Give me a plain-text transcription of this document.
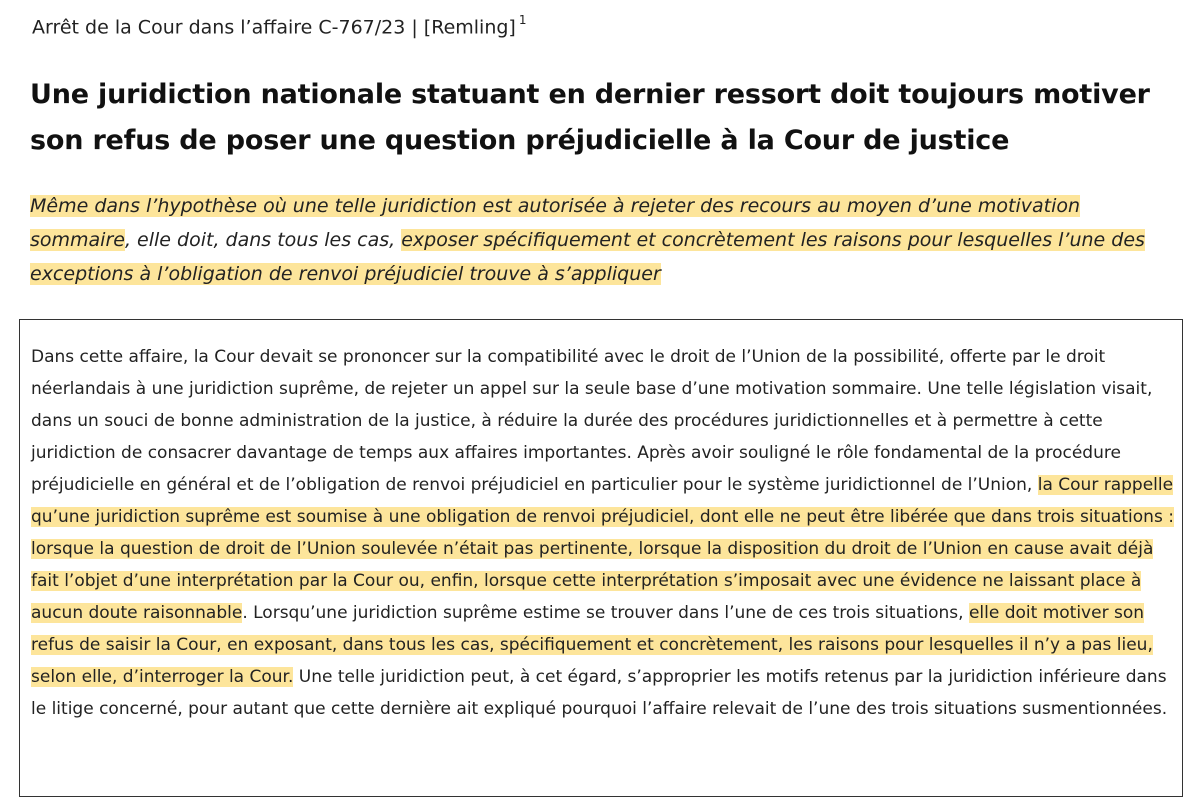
Arrêt de la Cour dans l’affaire C-767/23 | [Remling] $^1$
Une juridiction nationale statuant en dernier ressort doit toujours motiver son refus de poser une question préjudicielle à la Cour de justice
Même dans l’hypothèse où une telle juridiction est autorisée à rejeter des recours au moyen d’une motivation sommaire, elle doit, dans tous les cas, exposer spécifiquement et concrètement les raisons pour lesquelles l’une des exceptions à l’obligation de renvoi préjudiciel trouve à s’appliquer
Dans cette affaire, la Cour devait se prononcer sur la compatibilité avec le droit de l’Union de la possibilité, offerte par le droit néerlandais à une juridiction suprême, de rejeter un appel sur la seule base d’une motivation sommaire. Une telle législation visait, dans un souci de bonne administration de la justice, à réduire la durée des procédures juridictionnelles et à permettre à cette juridiction de consacrer davantage de temps aux affaires importantes. Après avoir souligné le rôle fondamental de la procédure préjudicielle en général et de l’obligation de renvoi préjudiciel en particulier pour le système juridictionnel de l’Union, la Cour rappelle qu’une juridiction suprême est soumise à une obligation de renvoi préjudiciel, dont elle ne peut être libérée que dans trois situations : lorsque la question de droit de l’Union soulevée n’était pas pertinente, lorsque la disposition du droit de l’Union en cause avait déjà fait l’objet d’une interprétation par la Cour ou, enfin, lorsque cette interprétation s’imposait avec une évidence ne laissant place à aucun doute raisonnable. Lorsqu’une juridiction suprême estime se trouver dans l’une de ces trois situations, elle doit motiver son refus de saisir la Cour, en exposant, dans tous les cas, spécifiquement et concrètement, les raisons pour lesquelles il n’y a pas lieu, selon elle, d’interroger la Cour. Une telle juridiction peut, à cet égard, s’approprier les motifs retenus par la juridiction inférieure dans le litige concerné, pour autant que cette dernière ait expliqué pourquoi l’affaire relevait de l’une des trois situations susmentionnées.
